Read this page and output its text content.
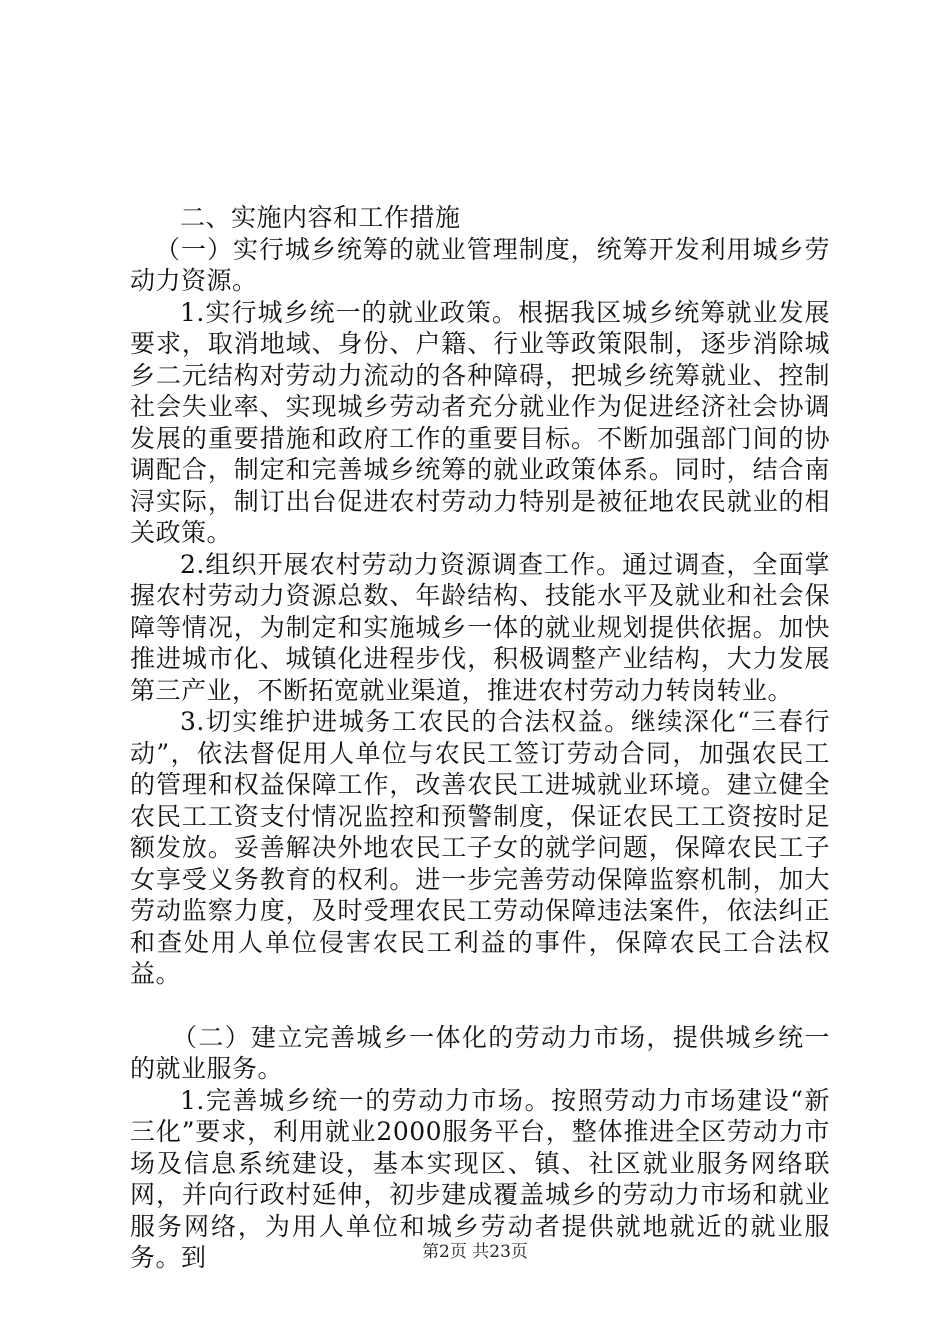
二、实施内容和工作措施

（一）实行城乡统筹的就业管理制度，统筹开发利用城乡劳动力资源。

1.实行城乡统一的就业政策。根据我区城乡统筹就业发展要求，取消地域、身份、户籍、行业等政策限制，逐步消除城乡二元结构对劳动力流动的各种障碍，把城乡统筹就业、控制社会失业率、实现城乡劳动者充分就业作为促进经济社会协调发展的重要措施和政府工作的重要目标。不断加强部门间的协调配合，制定和完善城乡统筹的就业政策体系。同时，结合南浔实际，制订出台促进农村劳动力特别是被征地农民就业的相关政策。

2.组织开展农村劳动力资源调查工作。通过调查，全面掌握农村劳动力资源总数、年龄结构、技能水平及就业和社会保障等情况，为制定和实施城乡一体的就业规划提供依据。加快推进城市化、城镇化进程步伐，积极调整产业结构，大力发展第三产业，不断拓宽就业渠道，推进农村劳动力转岗转业。

3.切实维护进城务工农民的合法权益。继续深化“三春行动”，依法督促用人单位与农民工签订劳动合同，加强农民工的管理和权益保障工作，改善农民工进城就业环境。建立健全农民工工资支付情况监控和预警制度，保证农民工工资按时足额发放。妥善解决外地农民工子女的就学问题，保障农民工子女享受义务教育的权利。进一步完善劳动保障监察机制，加大劳动监察力度，及时受理农民工劳动保障违法案件，依法纠正和查处用人单位侵害农民工利益的事件，保障农民工合法权益。

（二）建立完善城乡一体化的劳动力市场，提供城乡统一的就业服务。

1.完善城乡统一的劳动力市场。按照劳动力市场建设“新三化”要求，利用就业2000服务平台，整体推进全区劳动力市场及信息系统建设，基本实现区、镇、社区就业服务网络联网，并向行政村延伸，初步建成覆盖城乡的劳动力市场和就业服务网络，为用人单位和城乡劳动者提供就地就近的就业服务。到	第2页 共23页
